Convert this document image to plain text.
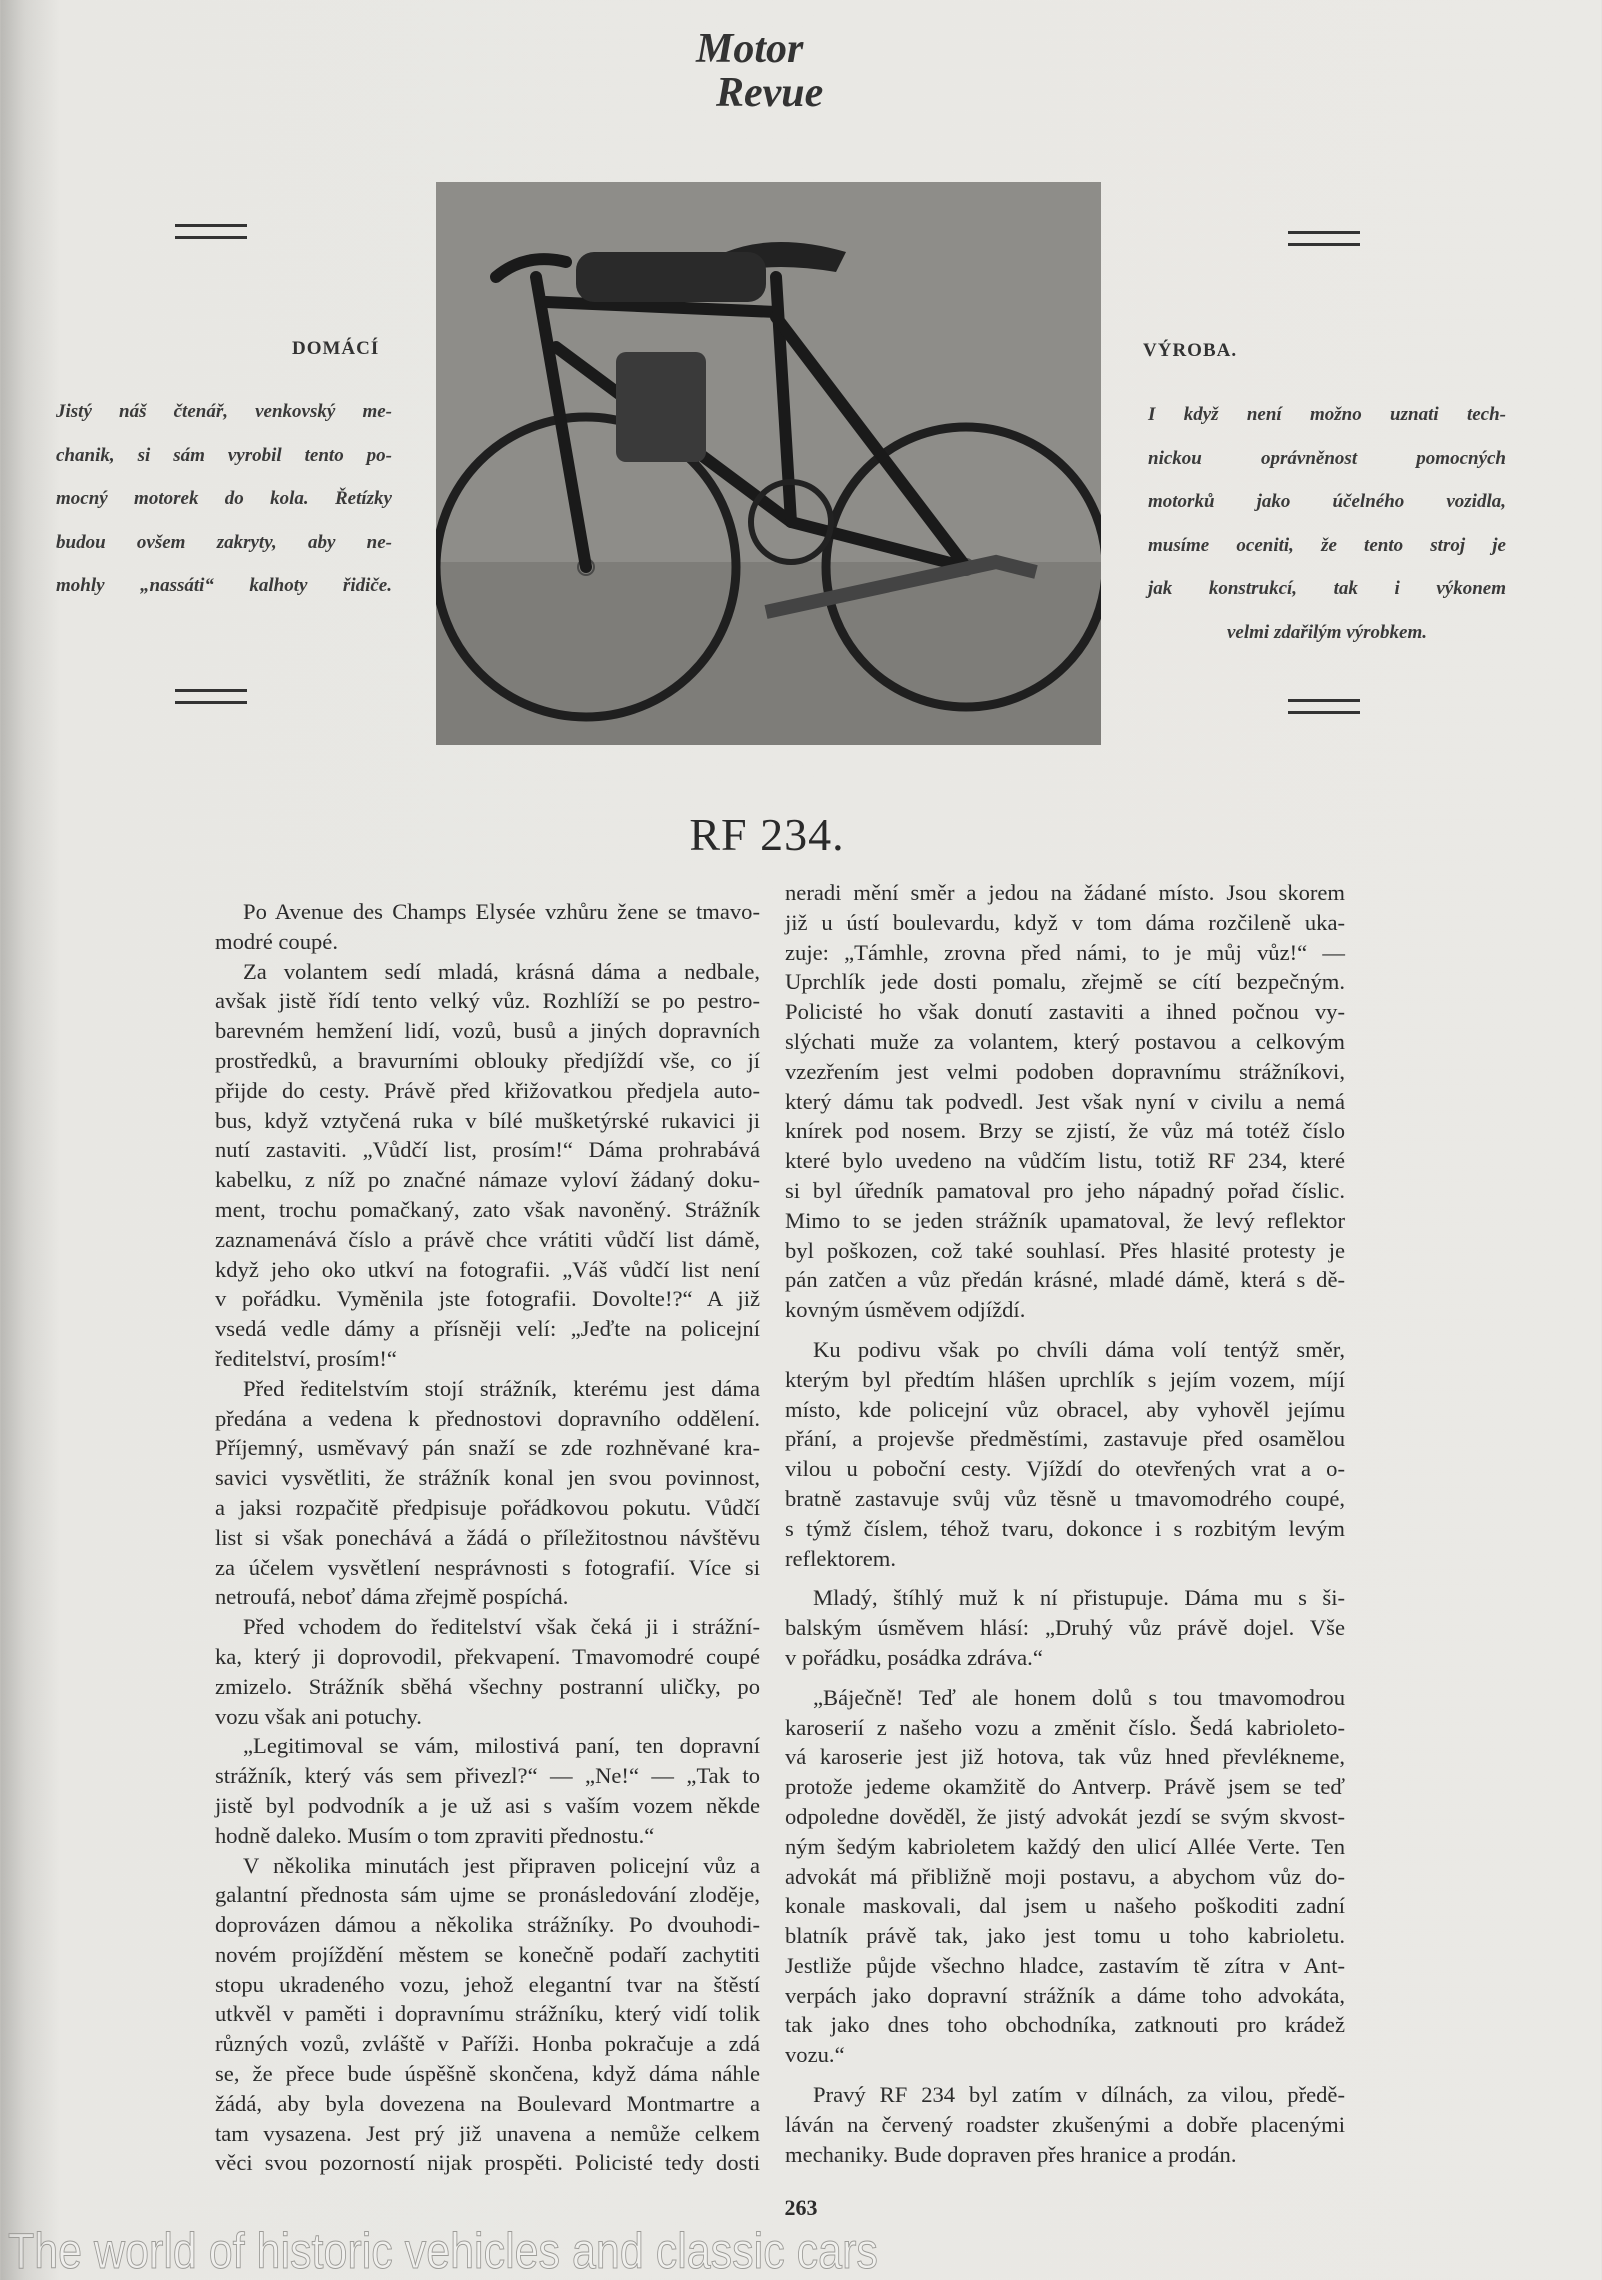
Motor
Revue
DOMÁCÍ
Jistý náš čtenář, venkovský me-
chanik, si sám vyrobil tento po-
mocný motorek do kola. Řetízky
budou ovšem zakryty, aby ne-
mohly „nassáti“ kalhoty řidiče.
VÝROBA.
I když není možno uznati tech-
nickou oprávněnost pomocných
motorků jako účelného vozidla,
musíme oceniti, že tento stroj je
jak konstrukcí, tak i výkonem
velmi zdařilým výrobkem.
RF 234.
Po Avenue des Champs Elysée vzhůru žene se tmavo-
modré coupé.
Za volantem sedí mladá, krásná dáma a nedbale,
avšak jistě řídí tento velký vůz. Rozhlíží se po pestro-
barevném hemžení lidí, vozů, busů a jiných dopravních
prostředků, a bravurními oblouky předjíždí vše, co jí
přijde do cesty. Právě před křižovatkou předjela auto-
bus, když vztyčená ruka v bílé mušketýrské rukavici ji
nutí zastaviti. „Vůdčí list, prosím!“ Dáma prohrabává
kabelku, z níž po značné námaze vyloví žádaný doku-
ment, trochu pomačkaný, zato však navoněný. Strážník
zaznamenává číslo a právě chce vrátiti vůdčí list dámě,
když jeho oko utkví na fotografii. „Váš vůdčí list není
v pořádku. Vyměnila jste fotografii. Dovolte!?“ A již
vsedá vedle dámy a přísněji velí: „Jeďte na policejní
ředitelství, prosím!“
Před ředitelstvím stojí strážník, kterému jest dáma
předána a vedena k přednostovi dopravního oddělení.
Příjemný, usměvavý pán snaží se zde rozhněvané kra-
savici vysvětliti, že strážník konal jen svou povinnost,
a jaksi rozpačitě předpisuje pořádkovou pokutu. Vůdčí
list si však ponechává a žádá o příležitostnou návštěvu
za účelem vysvětlení nesprávnosti s fotografií. Více si
netroufá, neboť dáma zřejmě pospíchá.
Před vchodem do ředitelství však čeká ji i strážní-
ka, který ji doprovodil, překvapení. Tmavomodré coupé
zmizelo. Strážník sběhá všechny postranní uličky, po
vozu však ani potuchy.
„Legitimoval se vám, milostivá paní, ten dopravní
strážník, který vás sem přivezl?“ — „Ne!“ — „Tak to
jistě byl podvodník a je už asi s vaším vozem někde
hodně daleko. Musím o tom zpraviti přednostu.“
V několika minutách jest připraven policejní vůz a
galantní přednosta sám ujme se pronásledování zloděje,
doprovázen dámou a několika strážníky. Po dvouhodi-
novém projíždění městem se konečně podaří zachytiti
stopu ukradeného vozu, jehož elegantní tvar na štěstí
utkvěl v paměti i dopravnímu strážníku, který vidí tolik
různých vozů, zvláště v Paříži. Honba pokračuje a zdá
se, že přece bude úspěšně skončena, když dáma náhle
žádá, aby byla dovezena na Boulevard Montmartre a
tam vysazena. Jest prý již unavena a nemůže celkem
věci svou pozorností nijak prospěti. Policisté tedy dosti
neradi mění směr a jedou na žádané místo. Jsou skorem
již u ústí boulevardu, když v tom dáma rozčileně uka-
zuje: „Támhle, zrovna před námi, to je můj vůz!“ —
Uprchlík jede dosti pomalu, zřejmě se cítí bezpečným.
Policisté ho však donutí zastaviti a ihned počnou vy-
slýchati muže za volantem, který postavou a celkovým
vzezřením jest velmi podoben dopravnímu strážníkovi,
který dámu tak podvedl. Jest však nyní v civilu a nemá
knírek pod nosem. Brzy se zjistí, že vůz má totéž číslo
které bylo uvedeno na vůdčím listu, totiž RF 234, které
si byl úředník pamatoval pro jeho nápadný pořad číslic.
Mimo to se jeden strážník upamatoval, že levý reflektor
byl poškozen, což také souhlasí. Přes hlasité protesty je
pán zatčen a vůz předán krásné, mladé dámě, která s dě-
kovným úsměvem odjíždí.
Ku podivu však po chvíli dáma volí tentýž směr,
kterým byl předtím hlášen uprchlík s jejím vozem, míjí
místo, kde policejní vůz obracel, aby vyhověl jejímu
přání, a projevše předměstími, zastavuje před osamělou
vilou u poboční cesty. Vjíždí do otevřených vrat a o-
bratně zastavuje svůj vůz těsně u tmavomodrého coupé,
s týmž číslem, téhož tvaru, dokonce i s rozbitým levým
reflektorem.
Mladý, štíhlý muž k ní přistupuje. Dáma mu s ši-
balským úsměvem hlásí: „Druhý vůz právě dojel. Vše
v pořádku, posádka zdráva.“
„Báječně! Teď ale honem dolů s tou tmavomodrou
karoserií z našeho vozu a změnit číslo. Šedá kabrioleto-
vá karoserie jest již hotova, tak vůz hned převlékneme,
protože jedeme okamžitě do Antverp. Právě jsem se teď
odpoledne dověděl, že jistý advokát jezdí se svým skvost-
ným šedým kabrioletem každý den ulicí Allée Verte. Ten
advokát má přibližně moji postavu, a abychom vůz do-
konale maskovali, dal jsem u našeho poškoditi zadní
blatník právě tak, jako jest tomu u toho kabrioletu.
Jestliže půjde všechno hladce, zastavím tě zítra v Ant-
verpách jako dopravní strážník a dáme toho advokáta,
tak jako dnes toho obchodníka, zatknouti pro krádež
vozu.“
Pravý RF 234 byl zatím v dílnách, za vilou, předě-
láván na červený roadster zkušenými a dobře placenými
mechaniky. Bude dopraven přes hranice a prodán.
263
The world of historic vehicles and classic cars
